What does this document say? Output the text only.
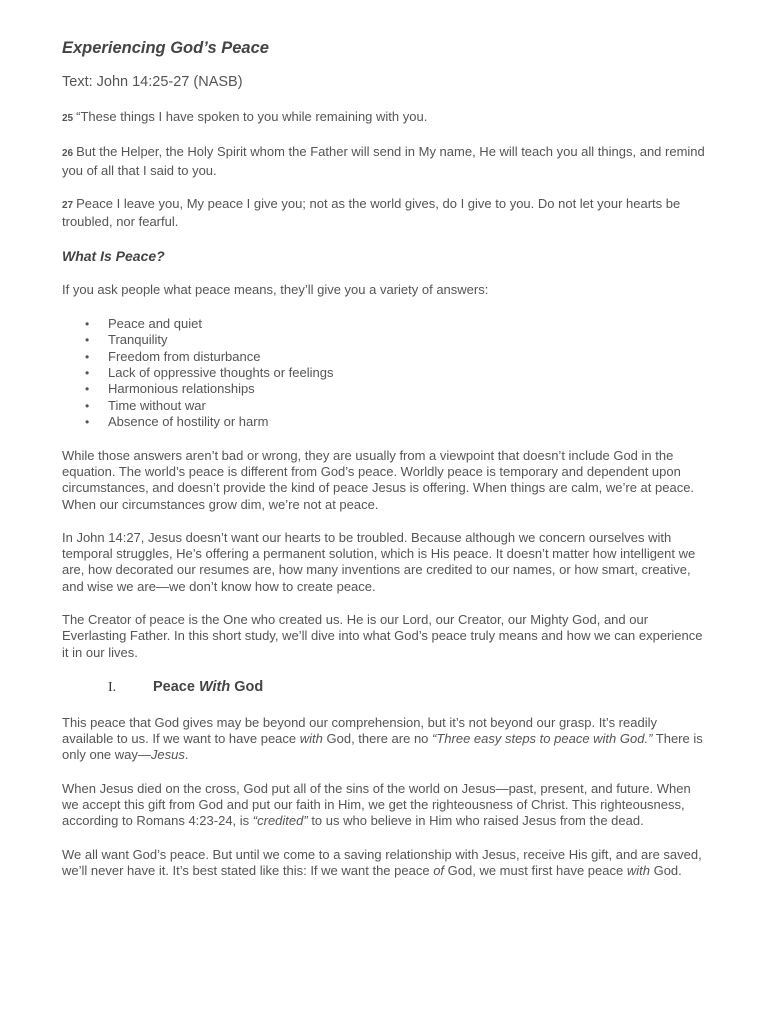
Experiencing God’s Peace
Text: John 14:25-27 (NASB)
25 “These things I have spoken to you while remaining with you.
26 But the Helper, the Holy Spirit whom the Father will send in My name, He will teach you all things, and remind you of all that I said to you.
27 Peace I leave you, My peace I give you; not as the world gives, do I give to you. Do not let your hearts be troubled, nor fearful.
What Is Peace?

If you ask people what peace means, they’ll give you a variety of answers:

• Peace and quiet
• Tranquility
• Freedom from disturbance
• Lack of oppressive thoughts or feelings
• Harmonious relationships
• Time without war
• Absence of hostility or harm

While those answers aren’t bad or wrong, they are usually from a viewpoint that doesn’t include God in the equation. The world’s peace is different from God’s peace. Worldly peace is temporary and dependent upon circumstances, and doesn’t provide the kind of peace Jesus is offering. When things are calm, we’re at peace. When our circumstances grow dim, we’re not at peace.

In John 14:27, Jesus doesn’t want our hearts to be troubled. Because although we concern ourselves with temporal struggles, He’s offering a permanent solution, which is His peace. It doesn’t matter how intelligent we are, how decorated our resumes are, how many inventions are credited to our names, or how smart, creative, and wise we are—we don’t know how to create peace.

The Creator of peace is the One who created us. He is our Lord, our Creator, our Mighty God, and our Everlasting Father. In this short study, we’ll dive into what God’s peace truly means and how we can experience it in our lives.

I.	Peace With God

This peace that God gives may be beyond our comprehension, but it’s not beyond our grasp. It’s readily available to us. If we want to have peace with God, there are no “Three easy steps to peace with God.” There is only one way—Jesus.

When Jesus died on the cross, God put all of the sins of the world on Jesus—past, present, and future. When we accept this gift from God and put our faith in Him, we get the righteousness of Christ. This righteousness, according to Romans 4:23-24, is “credited” to us who believe in Him who raised Jesus from the dead.

We all want God’s peace. But until we come to a saving relationship with Jesus, receive His gift, and are saved, we’ll never have it. It’s best stated like this: If we want the peace of God, we must first have peace with God.
